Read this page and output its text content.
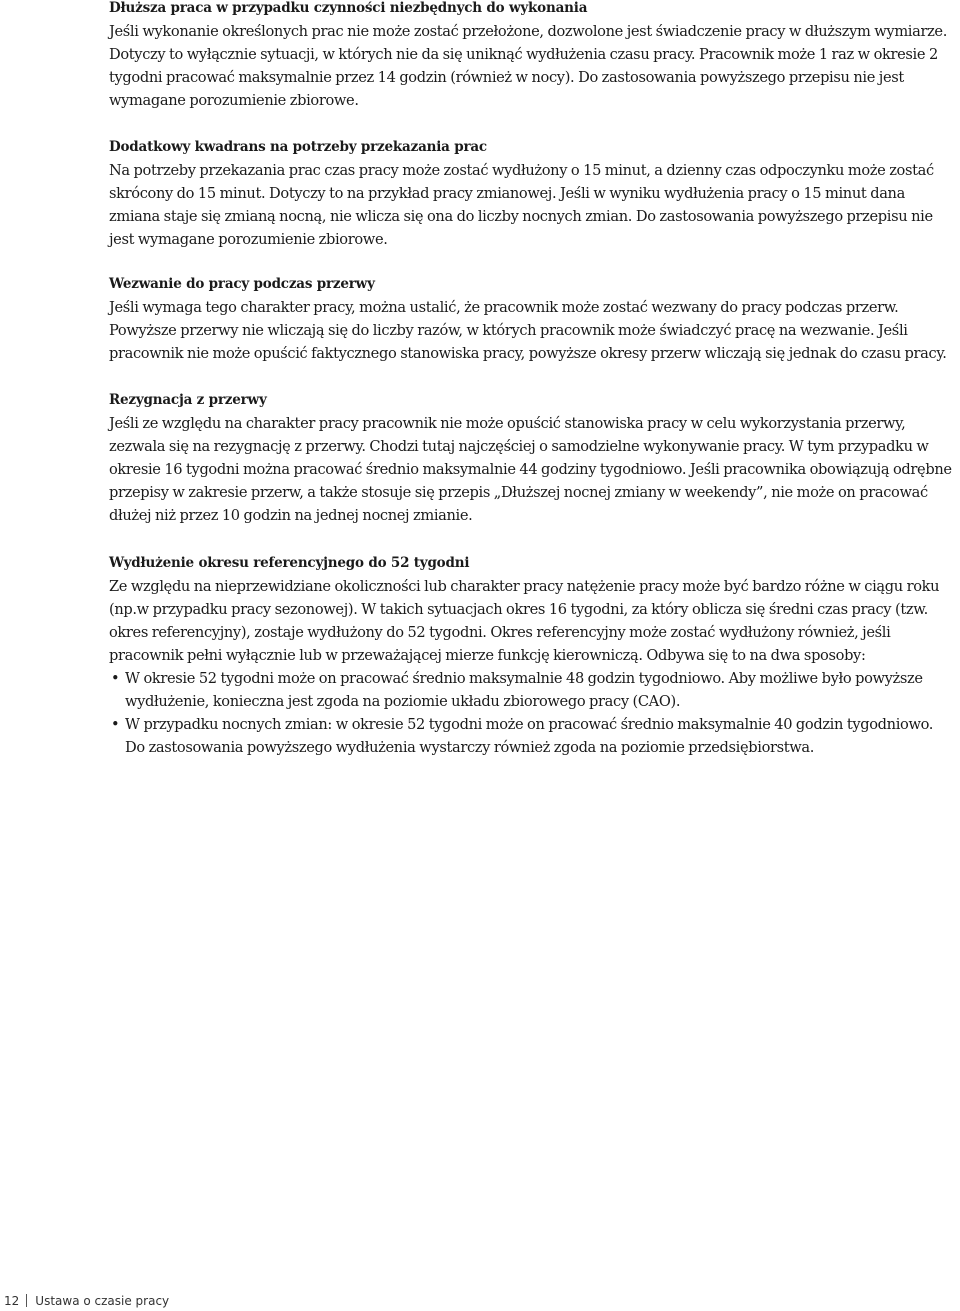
Dłuższa praca w przypadku czynności niezbędnych do wykonania

Jeśli wykonanie określonych prac nie może zostać przełożone, dozwolone jest świadczenie pracy w dłuższym wymiarze. Dotyczy to wyłącznie sytuacji, w których nie da się uniknąć wydłużenia czasu pracy. Pracownik może 1 raz w okresie 2 tygodni pracować maksymalnie przez 14 godzin (również w nocy). Do zastosowania powyższego przepisu nie jest wymagane porozumienie zbiorowe.

Dodatkowy kwadrans na potrzeby przekazania prac

Na potrzeby przekazania prac czas pracy może zostać wydłużony o 15 minut, a dzienny czas odpoczynku może zostać skrócony do 15 minut. Dotyczy to na przykład pracy zmianowej. Jeśli w wyniku wydłużenia pracy o 15 minut dana zmiana staje się zmianą nocną, nie wlicza się ona do liczby nocnych zmian. Do zastosowania powyższego przepisu nie jest wymagane porozumienie zbiorowe.

Wezwanie do pracy podczas przerwy

Jeśli wymaga tego charakter pracy, można ustalić, że pracownik może zostać wezwany do pracy podczas przerw. Powyższe przerwy nie wliczają się do liczby razów, w których pracownik może świadczyć pracę na wezwanie. Jeśli pracownik nie może opuścić faktycznego stanowiska pracy, powyższe okresy przerw wliczają się jednak do czasu pracy.

Rezygnacja z przerwy

Jeśli ze względu na charakter pracy pracownik nie może opuścić stanowiska pracy w celu wykorzystania przerwy, zezwala się na rezygnację z przerwy. Chodzi tutaj najczęściej o samodzielne wykonywanie pracy. W tym przypadku w okresie 16 tygodni można pracować średnio maksymalnie 44 godziny tygodniowo. Jeśli pracownika obowiązują odrębne przepisy w zakresie przerw, a także stosuje się przepis „Dłuższej nocnej zmiany w weekendy”, nie może on pracować dłużej niż przez 10 godzin na jednej nocnej zmianie.

Wydłużenie okresu referencyjnego do 52 tygodni

Ze względu na nieprzewidziane okoliczności lub charakter pracy natężenie pracy może być bardzo różne w ciągu roku (np.w przypadku pracy sezonowej). W takich sytuacjach okres 16 tygodni, za który oblicza się średni czas pracy (tzw. okres referencyjny), zostaje wydłużony do 52 tygodni. Okres referencyjny może zostać wydłużony również, jeśli pracownik pełni wyłącznie lub w przeważającej mierze funkcję kierowniczą. Odbywa się to na dwa sposoby:

• W okresie 52 tygodni może on pracować średnio maksymalnie 48 godzin tygodniowo. Aby możliwe było powyższe wydłużenie, konieczna jest zgoda na poziomie układu zbiorowego pracy (CAO).
• W przypadku nocnych zmian: w okresie 52 tygodni może on pracować średnio maksymalnie 40 godzin tygodniowo. Do zastosowania powyższego wydłużenia wystarczy również zgoda na poziomie przedsiębiorstwa.
12 Ustawa o czasie pracy
